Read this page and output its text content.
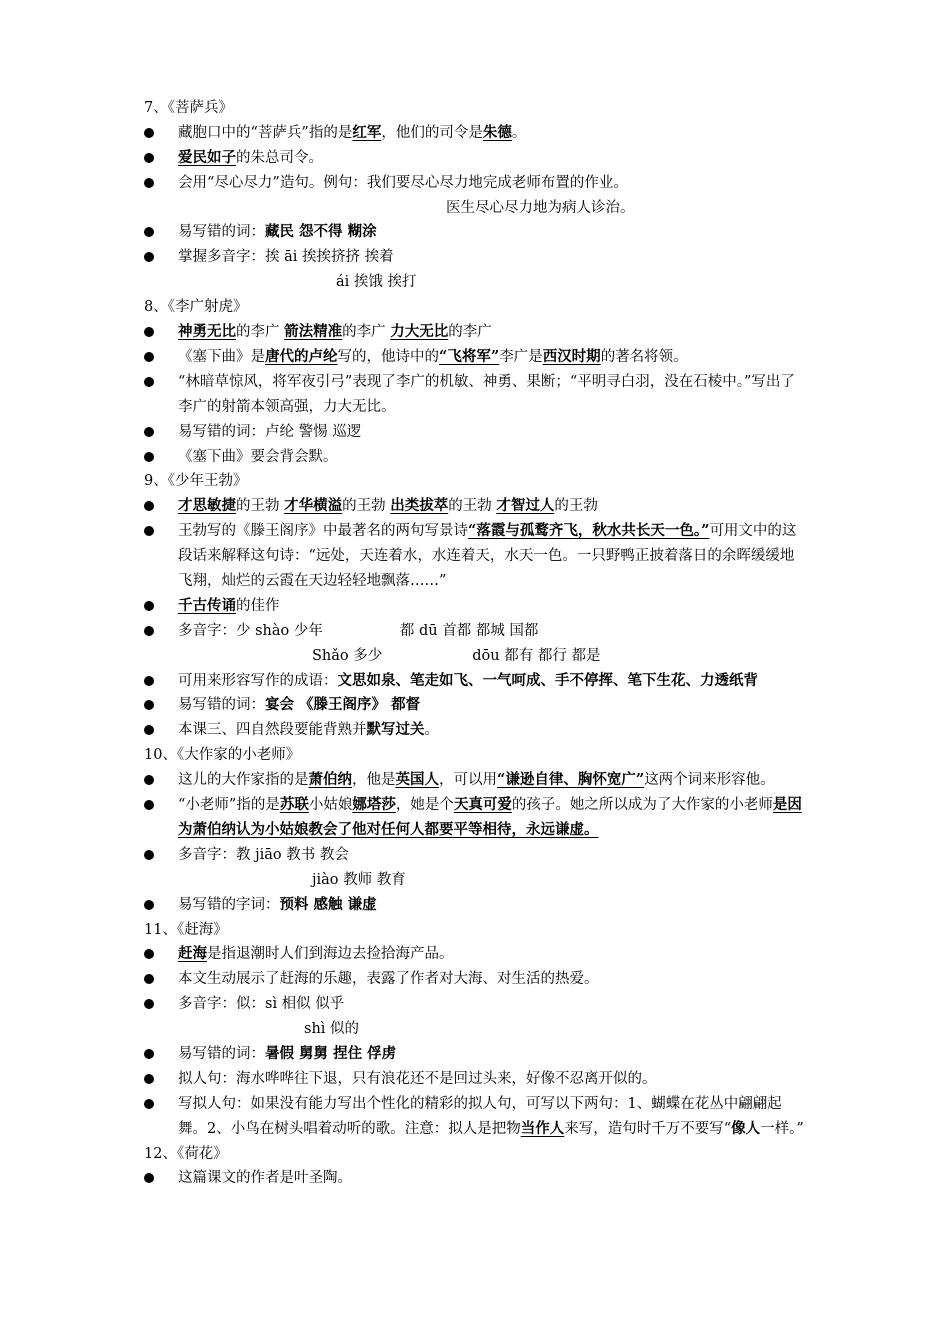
7、《菩萨兵》
藏胞口中的“菩萨兵”指的是红军，他们的司令是朱德。
爱民如子的朱总司令。
会用“尽心尽力”造句。例句：我们要尽心尽力地完成老师布置的作业。
医生尽心尽力地为病人诊治。
易写错的词：藏民 怨不得 糊涂
掌握多音字：挨 āi 挨挨挤挤 挨着
ái 挨饿 挨打
8、《李广射虎》
神勇无比的李广 箭法精准的李广 力大无比的李广
《塞下曲》是唐代的卢纶写的，他诗中的“飞将军”李广是西汉时期的著名将领。
“林暗草惊风，将军夜引弓”表现了李广的机敏、神勇、果断；“平明寻白羽，没在石棱中。”写出了李广的射箭本领高强，力大无比。
易写错的词：卢纶 警惕 巡逻
《塞下曲》要会背会默。
9、《少年王勃》
才思敏捷的王勃 才华横溢的王勃 出类拔萃的王勃 才智过人的王勃
王勃写的《滕王阁序》中最著名的两句写景诗“落霞与孤鹜齐飞，秋水共长天一色。”可用文中的这段话来解释这句诗：“远处，天连着水，水连着天，水天一色。一只野鸭正披着落日的余晖缓缓地飞翔，灿烂的云霞在天边轻轻地飘落……”
千古传诵的佳作
多音字：少 shào 少年	都 dū 首都 都城 国都
Shǎo 多少	dōu 都有 都行 都是
可用来形容写作的成语：文思如泉、笔走如飞、一气呵成、手不停挥、笔下生花、力透纸背
易写错的词：宴会 《滕王阁序》 都督
本课三、四自然段要能背熟并默写过关。
10、《大作家的小老师》
这儿的大作家指的是萧伯纳，他是英国人，可以用“谦逊自律、胸怀宽广”这两个词来形容他。
“小老师”指的是苏联小姑娘娜塔莎，她是个天真可爱的孩子。她之所以成为了大作家的小老师是因为萧伯纳认为小姑娘教会了他对任何人都要平等相待，永远谦虚。
多音字：教 jiāo 教书 教会
jiào 教师 教育
易写错的字词：预料 感触 谦虚
11、《赶海》
赶海是指退潮时人们到海边去捡拾海产品。
本文生动展示了赶海的乐趣，表露了作者对大海、对生活的热爱。
多音字：似：sì 相似 似乎
shì 似的
易写错的词：暑假 舅舅 捏住 俘虏
拟人句：海水哗哗往下退，只有浪花还不是回过头来，好像不忍离开似的。
写拟人句：如果没有能力写出个性化的精彩的拟人句，可写以下两句：1、蝴蝶在花丛中翩翩起舞。2、小鸟在树头唱着动听的歌。注意：拟人是把物当作人来写，造句时千万不要写“像人一样。”
12、《荷花》
这篇课文的作者是叶圣陶。
